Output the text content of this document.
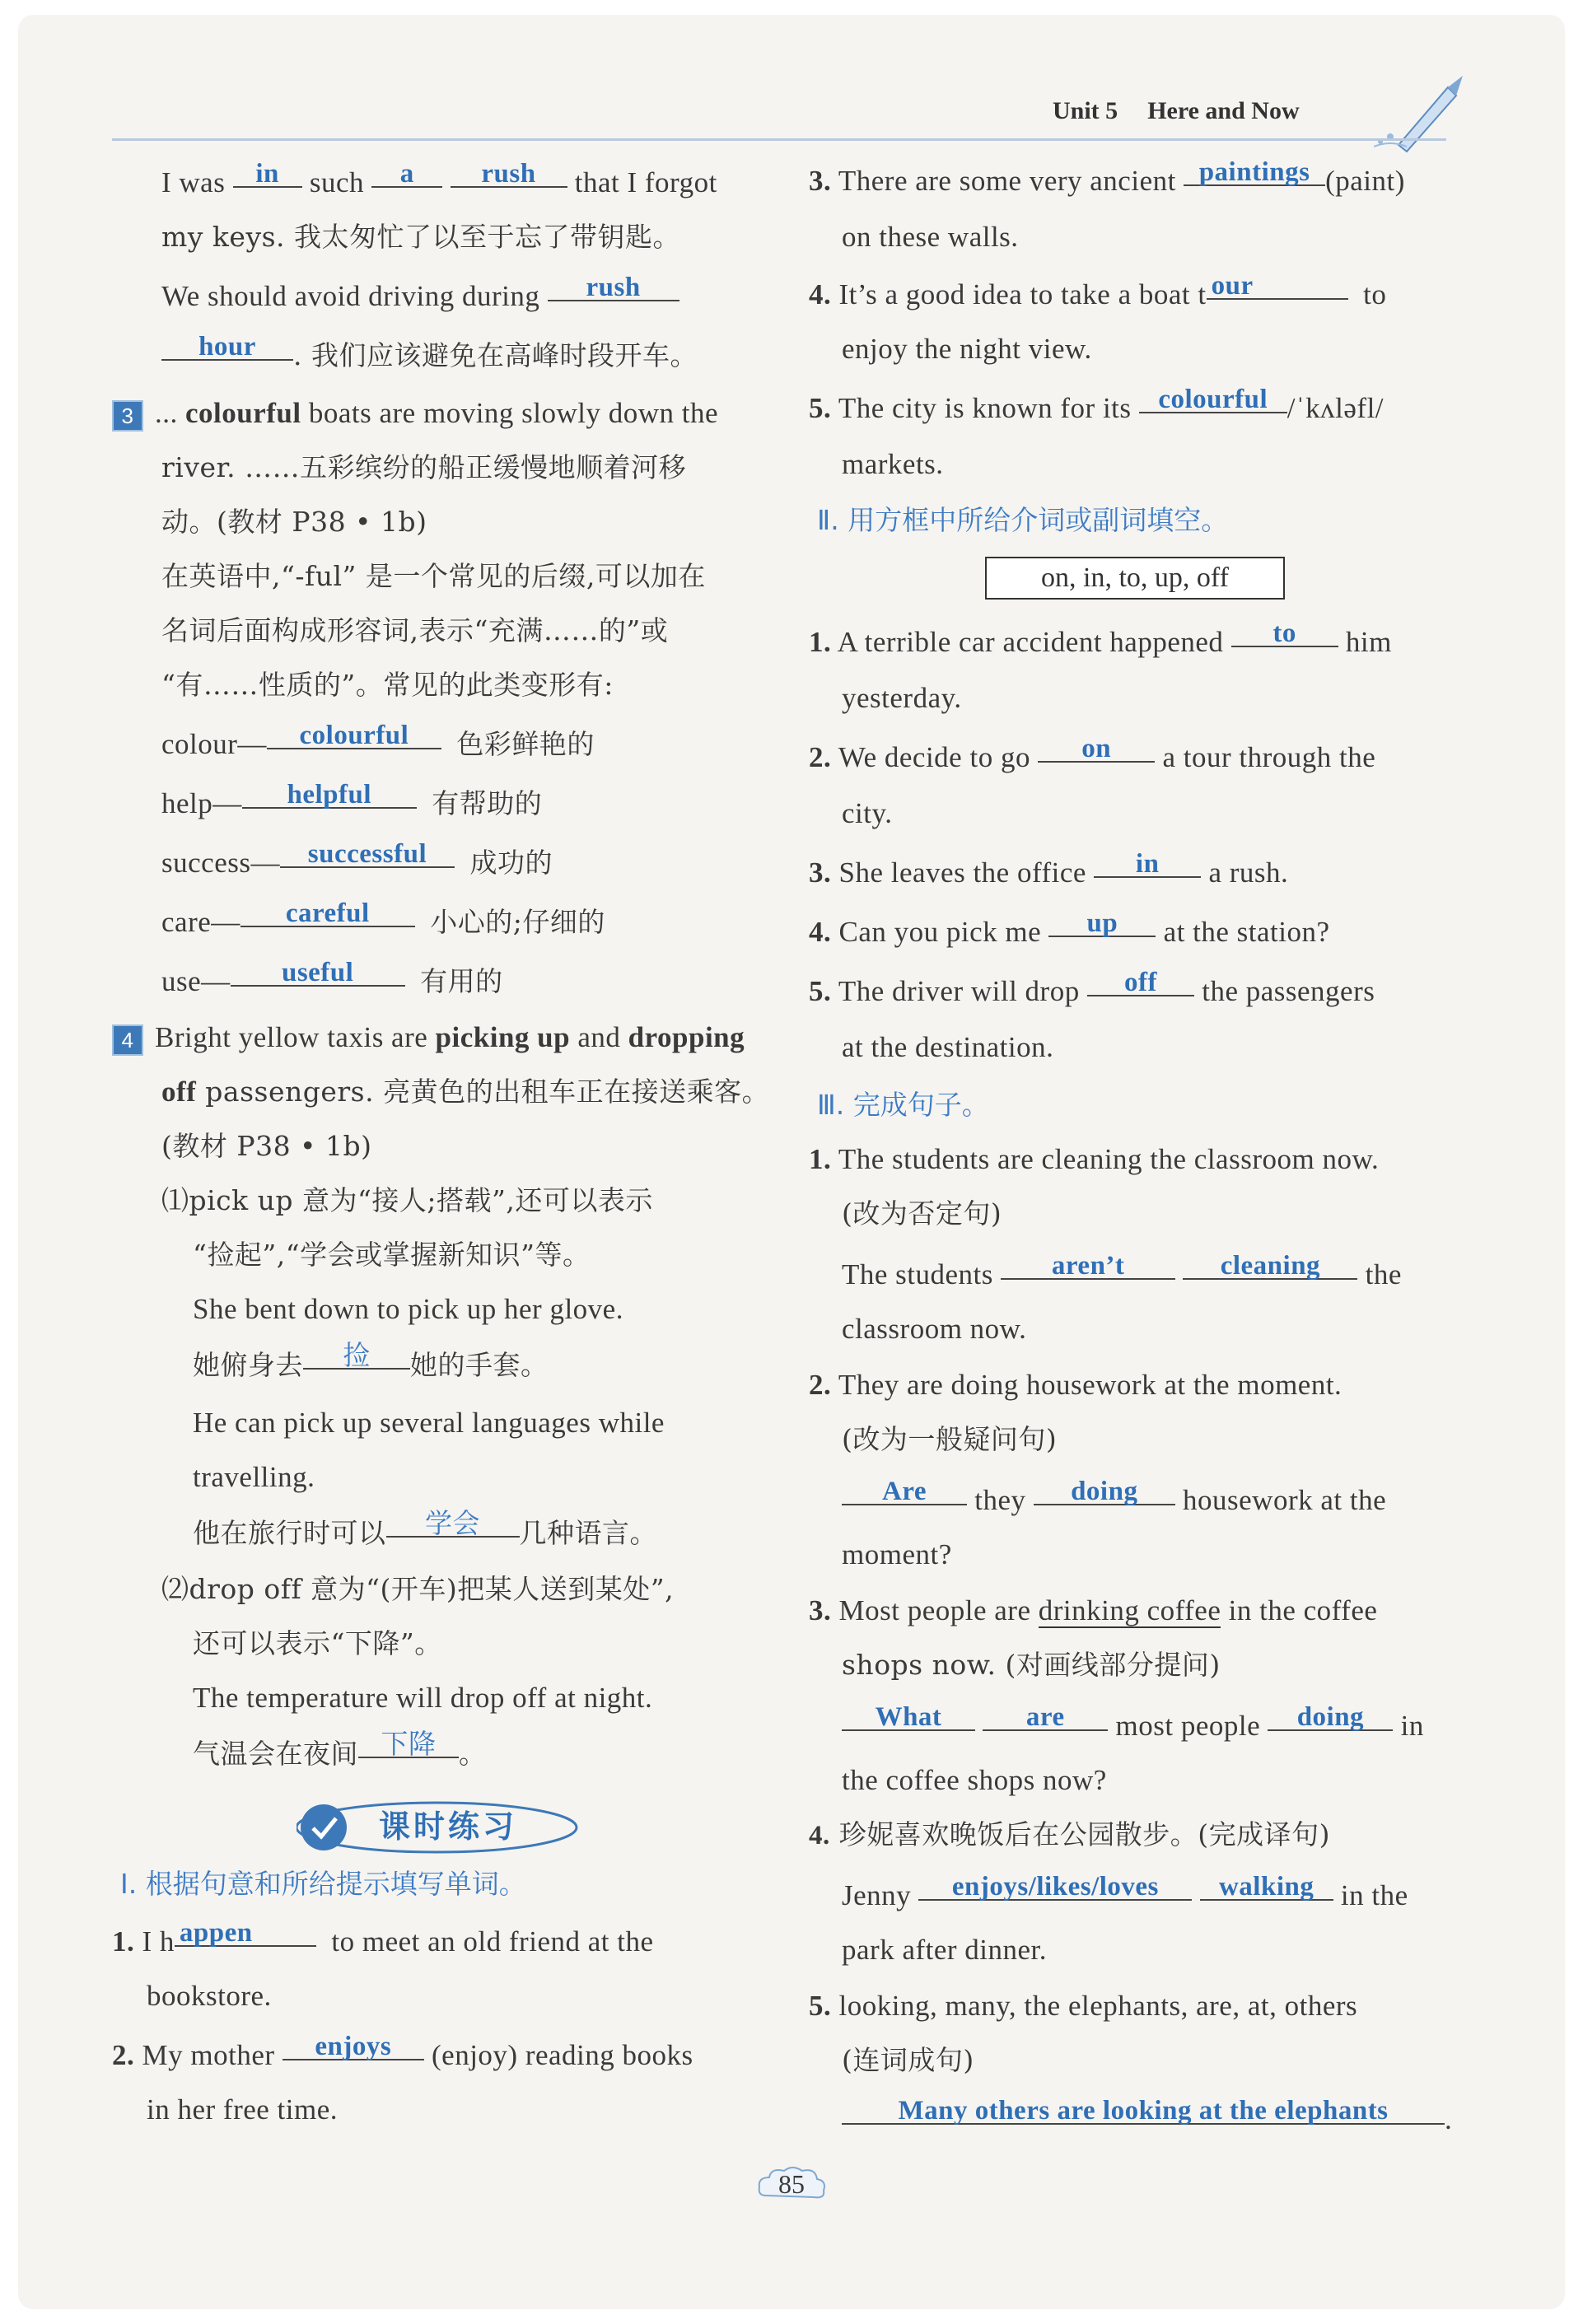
Unit 5 Here and Now
I was in such a rush that I forgot
my keys. 我太匆忙了以至于忘了带钥匙。
We should avoid driving during rush
hour . 我们应该避免在高峰时段开车。
3 ... colourful boats are moving slowly down the
river. ……五彩缤纷的船正缓慢地顺着河移
动。(教材 P38 • 1b)
在英语中,“-ful” 是一个常见的后缀,可以加在
名词后面构成形容词,表示“充满……的”或
“有……性质的”。常见的此类变形有:
colour— colourful 色彩鲜艳的
help— helpful 有帮助的
success— successful 成功的
care— careful 小心的;仔细的
use— useful 有用的
4 Bright yellow taxis are picking up and dropping
off passengers. 亮黄色的出租车正在接送乘客。
(教材 P38 • 1b)
⑴pick up 意为“接人;搭载”,还可以表示
“捡起”,“学会或掌握新知识”等。
She bent down to pick up her glove.
她俯身去 捡 她的手套。
He can pick up several languages while
travelling.
他在旅行时可以 学会 几种语言。
⑵drop off 意为“(开车)把某人送到某处”,
还可以表示“下降”。
The temperature will drop off at night.
气温会在夜间 下降 。
课时练习
Ⅰ. 根据句意和所给提示填写单词。
1. I h appen	to meet an old friend at the
bookstore.
2. My mother enjoys (enjoy) reading books
in her free time.
3. There are some very ancient paintings (paint)
on these walls.
4. It’s a good idea to take a boat t our	to
enjoy the night view.
5. The city is known for its colourful /ˈkʌləfl/
markets.
Ⅱ. 用方框中所给介词或副词填空。
on, in, to, up, off
1. A terrible car accident happened to him
yesterday.
2. We decide to go on a tour through the
city.
3. She leaves the office in a rush.
4. Can you pick me up at the station?
5. The driver will drop off the passengers
at the destination.
Ⅲ. 完成句子。
1. The students are cleaning the classroom now.
(改为否定句)
The students aren’t	cleaning the
classroom now.
2. They are doing housework at the moment.
(改为一般疑问句)
Are they doing housework at the
moment?
3. Most people are drinking coffee in the coffee
shops now. (对画线部分提问)
What	are most people doing in
the coffee shops now?
4. 珍妮喜欢晚饭后在公园散步。(完成译句)
Jenny enjoys/likes/loves walking in the
park after dinner.
5. looking, many, the elephants, are, at, others
(连词成句)
Many others are looking at the elephants .
85
